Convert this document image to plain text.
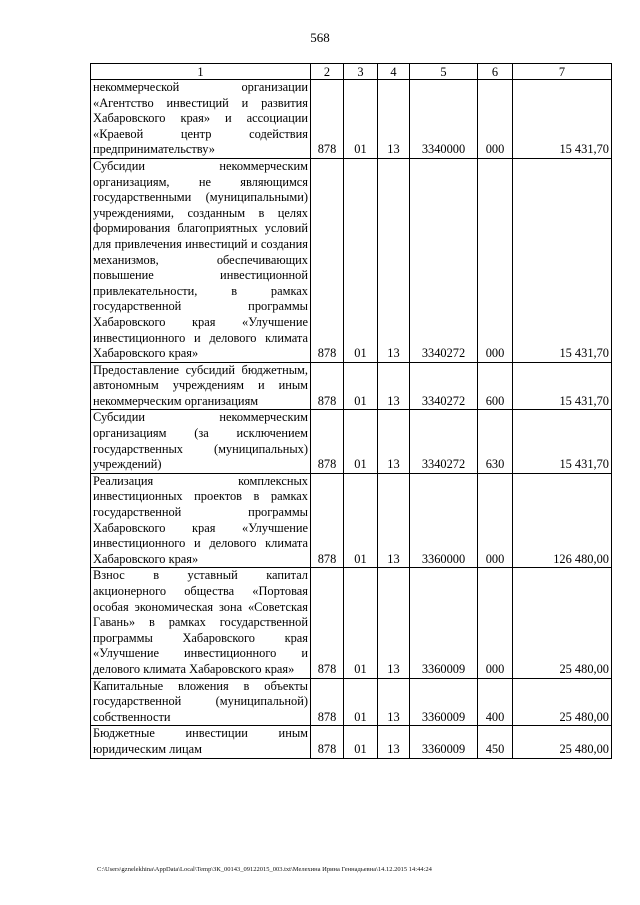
568
1	2	3	4	5	6	7
некоммерческой организации «Агентство инвестиций и развития Хабаровского края» и ассоциации «Краевой центр содействия предпринимательству»	878	01	13	3340000	000	15 431,70
Субсидии некоммерческим организациям, не являющимся государственными (муниципальными) учреждениями, созданным в целях формирования благоприятных условий для привлечения инвестиций и создания механизмов, обеспечивающих повышение инвестиционной привлекательности, в рамках государственной программы Хабаровского края «Улучшение инвестиционного и делового климата Хабаровского края»	878	01	13	3340272	000	15 431,70
Предоставление субсидий бюджетным, автономным учреждениям и иным некоммерческим организациям	878	01	13	3340272	600	15 431,70
Субсидии некоммерческим организациям (за исключением государственных (муниципальных) учреждений)	878	01	13	3340272	630	15 431,70
Реализация комплексных инвестиционных проектов в рамках государственной программы Хабаровского края «Улучшение инвестиционного и делового климата Хабаровского края»	878	01	13	3360000	000	126 480,00
Взнос в уставный капитал акционерного общества «Портовая особая экономическая зона «Советская Гавань» в рамках государственной программы Хабаровского края «Улучшение инвестиционного и делового климата Хабаровского края»	878	01	13	3360009	000	25 480,00
Капитальные вложения в объекты государственной (муниципальной) собственности	878	01	13	3360009	400	25 480,00
Бюджетные инвестиции иным юридическим лицам	878	01	13	3360009	450	25 480,00
C:\Users\gznelekhina\AppData\Local\Temp\ЗК_00143_09122015_003.txt\Мелехина Ирина Геннадьевна\14.12.2015 14:44:24
